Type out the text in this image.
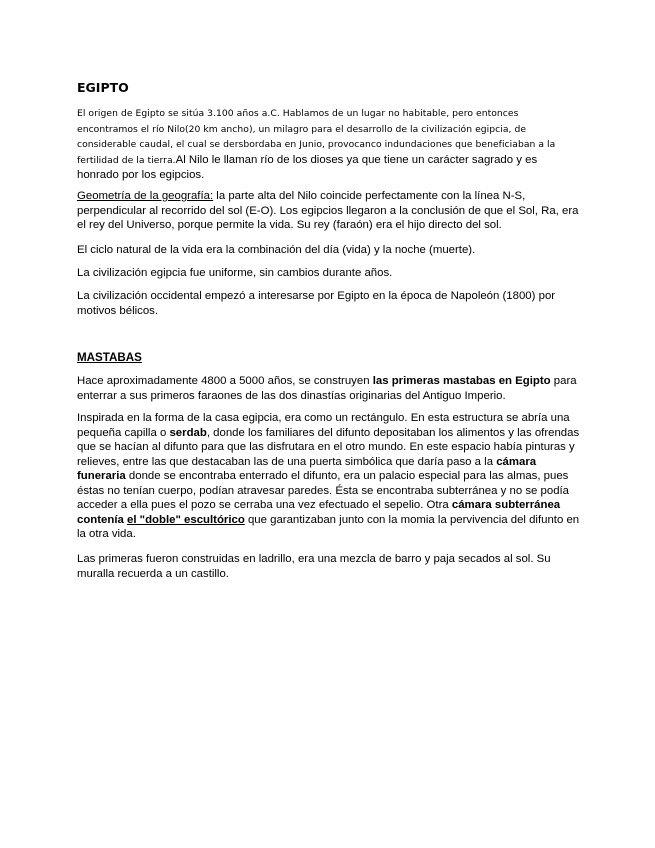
EGIPTO

El origen de Egipto se sitúa 3.100 años a.C. Hablamos de un lugar no habitable, pero entonces encontramos el río Nilo(20 km ancho), un milagro para el desarrollo de la civilización egipcia, de considerable caudal, el cual se dersbordaba en Junio, provocanco indundaciones que beneficiaban a la fertilidad de la tierra.Al Nilo le llaman río de los dioses ya que tiene un carácter sagrado y es honrado por los egipcios.

Geometría de la geografía: la parte alta del Nilo coincide perfectamente con la línea N-S, perpendicular al recorrido del sol (E-O). Los egipcios llegaron a la conclusión de que el Sol, Ra, era el rey del Universo, porque permite la vida. Su rey (faraón) era el hijo directo del sol.

El ciclo natural de la vida era la combinación del día (vida) y la noche (muerte).

La civilización egipcia fue uniforme, sin cambios durante años.

La civilización occidental empezó a interesarse por Egipto en la época de Napoleón (1800) por motivos bélicos.

MASTABAS

Hace aproximadamente 4800 a 5000 años, se construyen las primeras mastabas en Egipto para enterrar a sus primeros faraones de las dos dinastías originarias del Antiguo Imperio.

Inspirada en la forma de la casa egipcia, era como un rectángulo. En esta estructura se abría una pequeña capilla o serdab, donde los familiares del difunto depositaban los alimentos y las ofrendas que se hacían al difunto para que las disfrutara en el otro mundo. En este espacio había pinturas y relieves, entre las que destacaban las de una puerta simbólica que daría paso a la cámara funeraria donde se encontraba enterrado el difunto, era un palacio especial para las almas, pues éstas no tenían cuerpo, podían atravesar paredes. Ésta se encontraba subterránea y no se podía acceder a ella pues el pozo se cerraba una vez efectuado el sepelio. Otra cámara subterránea contenía el "doble" escultórico que garantizaban junto con la momia la pervivencia del difunto en la otra vida.

Las primeras fueron construidas en ladrillo, era una mezcla de barro y paja secados al sol. Su muralla recuerda a un castillo.
